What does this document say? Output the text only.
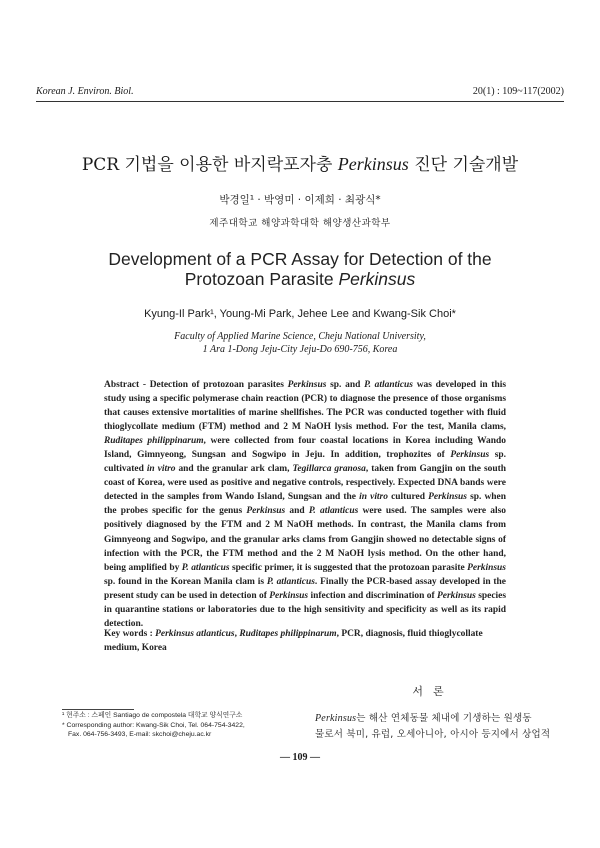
Korean J. Environ. Biol.	20(1) : 109~117(2002)
PCR 기법을 이용한 바지락포자충 Perkinsus 진단 기술개발
박경일¹ · 박영미 · 이제희 · 최광식*
제주대학교 해양과학대학 해양생산과학부
Development of a PCR Assay for Detection of the
Protozoan Parasite Perkinsus
Kyung-Il Park¹, Young-Mi Park, Jehee Lee and Kwang-Sik Choi*
Faculty of Applied Marine Science, Cheju National University,
1 Ara 1-Dong Jeju-City Jeju-Do 690-756, Korea
Abstract - Detection of protozoan parasites Perkinsus sp. and P. atlanticus was developed in this study using a specific polymerase chain reaction (PCR) to diagnose the presence of those organisms that causes extensive mortalities of marine shellfishes. The PCR was conducted together with fluid thioglycollate medium (FTM) method and 2 M NaOH lysis method. For the test, Manila clams, Ruditapes philippinarum, were collected from four coastal locations in Korea including Wando Island, Gimnyeong, Sungsan and Sogwipo in Jeju. In addition, trophozites of Perkinsus sp. cultivated in vitro and the granular ark clam, Tegillarca granosa, taken from Gangjin on the south coast of Korea, were used as positive and negative controls, respectively. Expected DNA bands were detected in the samples from Wando Island, Sungsan and the in vitro cultured Perkinsus sp. when the probes specific for the genus Perkinsus and P. atlanticus were used. The samples were also positively diagnosed by the FTM and 2 M NaOH methods. In contrast, the Manila clams from Gimnyeong and Sogwipo, and the granular arks clams from Gangjin showed no detectable signs of infection with the PCR, the FTM method and the 2 M NaOH lysis method. On the other hand, being amplified by P. atlanticus specific primer, it is suggested that the protozoan parasite Perkinsus sp. found in the Korean Manila clam is P. atlanticus. Finally the PCR-based assay developed in the present study can be used in detection of Perkinsus infection and discrimination of Perkinsus species in quarantine stations or laboratories due to the high sensitivity and specificity as well as its rapid detection.
Key words : Perkinsus atlanticus, Ruditapes philippinarum, PCR, diagnosis, fluid thioglycollate medium, Korea
서론
¹ 현주소 : 스페인 Santiago de compostela 대학교 양식연구소
* Corresponding author: Kwang-Sik Choi, Tel. 064-754-3422,
Fax. 064-756-3493, E-mail: skchoi@cheju.ac.kr
Perkinsus는 해산 연체동물 체내에 기생하는 원생동
물로서 북미, 유럽, 오세아니아, 아시아 등지에서 상업적
— 109 —
